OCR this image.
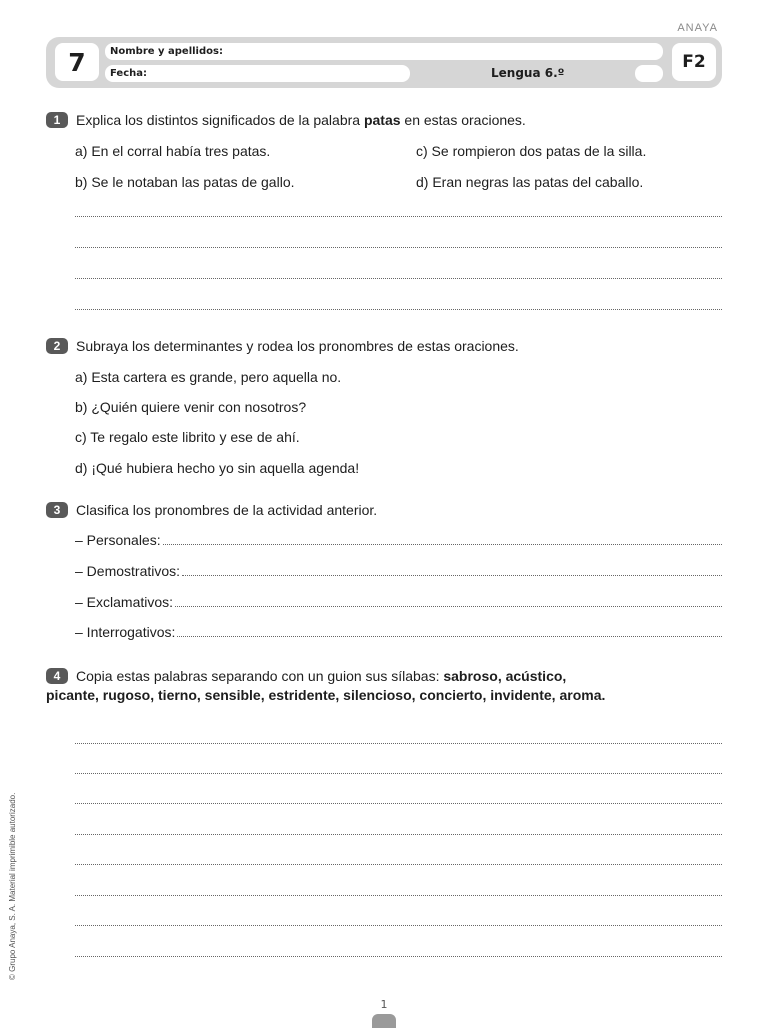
ANAYA
7	Nombre y apellidos:
Fecha:	Lengua 6.º
F2
1 Explica los distintos significados de la palabra patas en estas oraciones.
a) En el corral había tres patas.	c) Se rompieron dos patas de la silla.
b) Se le notaban las patas de gallo.	d) Eran negras las patas del caballo.
2 Subraya los determinantes y rodea los pronombres de estas oraciones.
a) Esta cartera es grande, pero aquella no.
b) ¿Quién quiere venir con nosotros?
c) Te regalo este librito y ese de ahí.
d) ¡Qué hubiera hecho yo sin aquella agenda!
3 Clasifica los pronombres de la actividad anterior.
– Personales:
– Demostrativos:
– Exclamativos:
– Interrogativos:
4 Copia estas palabras separando con un guion sus sílabas: sabroso, acústico, picante, rugoso, tierno, sensible, estridente, silencioso, concierto, invidente, aroma.
© Grupo Anaya, S. A. Material imprimible autorizado.
1
